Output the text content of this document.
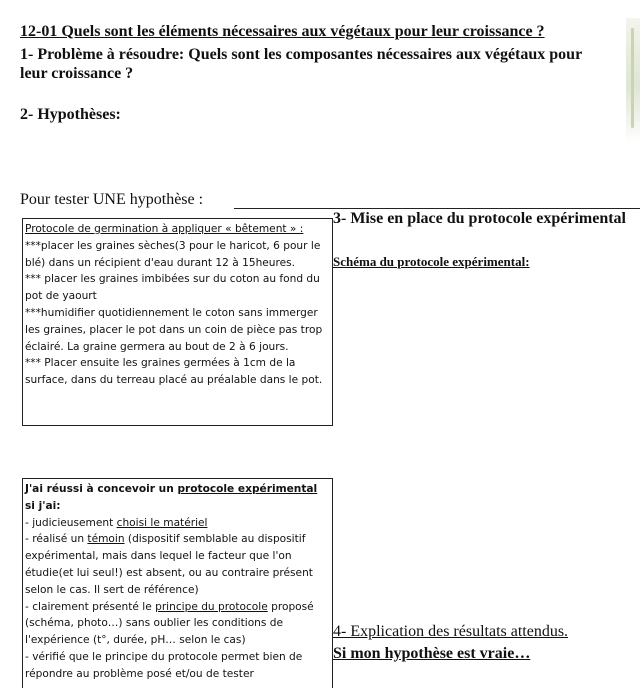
12-01 Quels sont les éléments nécessaires aux végétaux pour leur croissance ?
1- Problème à résoudre: Quels sont les composantes nécessaires aux végétaux pour leur croissance ?
2- Hypothèses:
Pour tester UNE hypothèse :
Protocole de germination à appliquer « bêtement » :
***placer les graines sèches(3 pour le haricot, 6 pour le blé) dans un récipient d'eau durant 12 à 15heures.
*** placer les graines imbibées sur du coton au fond du pot de yaourt
***humidifier quotidiennement le coton sans immerger les graines, placer le pot dans un coin de pièce pas trop éclairé. La graine germera au bout de 2 à 6 jours.
*** Placer ensuite les graines germées à 1cm de la surface, dans du terreau placé au préalable dans le pot.
3- Mise en place du protocole expérimental
Schéma du protocole expérimental:
J'ai réussi à concevoir un protocole expérimental si j'ai:
- judicieusement choisi le matériel
- réalisé un témoin (dispositif semblable au dispositif expérimental, mais dans lequel le facteur que l'on étudie(et lui seul!) est absent, ou au contraire présent selon le cas. Il sert de référence)
- clairement présenté le principe du protocole proposé (schéma, photo…) sans oublier les conditions de l'expérience (t°, durée, pH… selon le cas)
- vérifié que le principe du protocole permet bien de répondre au problème posé et/ou de tester
4- Explication des résultats attendus.
Si mon hypothèse est vraie…
